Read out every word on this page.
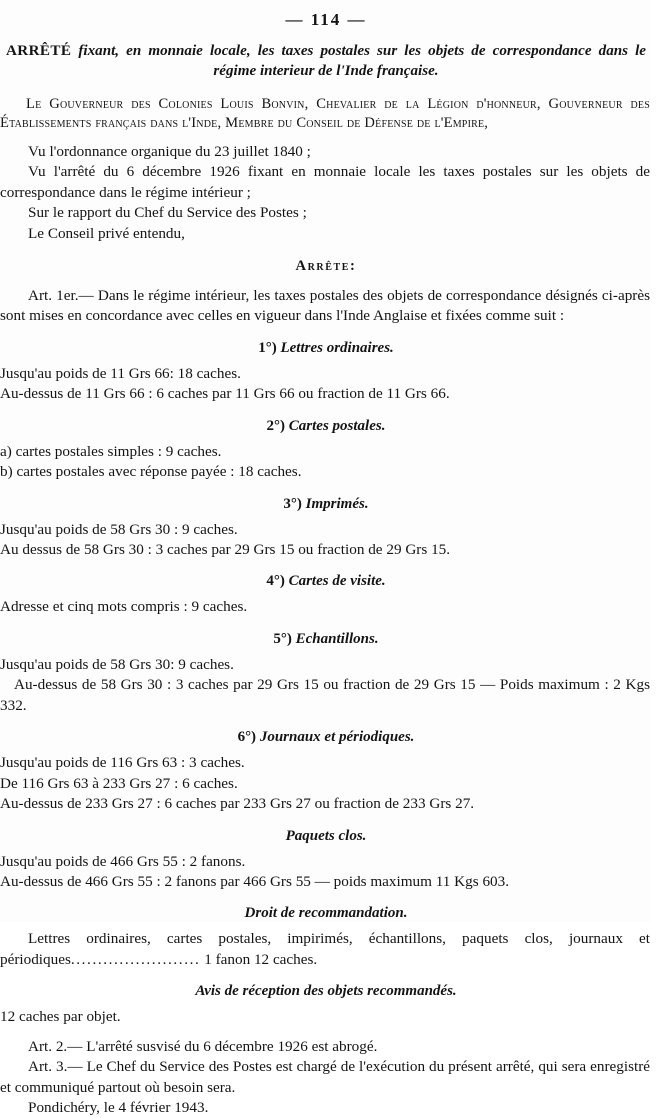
— 114 —
ARRÊTÉ fixant, en monnaie locale, les taxes postales sur les objets de correspondance dans le régime interieur de l'Inde française.
Le Gouverneur des Colonies Louis Bonvin, Chevalier de la Légion d'honneur, Gouverneur des Établissements français dans l'Inde, Membre du Conseil de Défense de l'Empire,

Vu l'ordonnance organique du 23 juillet 1840 ;

Vu l'arrêté du 6 décembre 1926 fixant en monnaie locale les taxes postales sur les objets de correspondance dans le régime intérieur ;

Sur le rapport du Chef du Service des Postes ;

Le Conseil privé entendu,

Arrête:

Art. 1er.— Dans le régime intérieur, les taxes postales des objets de correspondance désignés ci-après sont mises en concordance avec celles en vigueur dans l'Inde Anglaise et fixées comme suit :

1°) Lettres ordinaires.
Jusqu'au poids de 11 Grs 66: 18 caches.
Au-dessus de 11 Grs 66 : 6 caches par 11 Grs 66 ou fraction de 11 Grs 66.
2°) Cartes postales.
a) cartes postales simples : 9 caches.
b) cartes postales avec réponse payée : 18 caches.
3°) Imprimés.
Jusqu'au poids de 58 Grs 30 : 9 caches.
Au dessus de 58 Grs 30 : 3 caches par 29 Grs 15 ou fraction de 29 Grs 15.
4°) Cartes de visite.
Adresse et cinq mots compris : 9 caches.
5°) Echantillons.
Jusqu'au poids de 58 Grs 30: 9 caches.
Au-dessus de 58 Grs 30 : 3 caches par 29 Grs 15 ou fraction de 29 Grs 15 — Poids maximum : 2 Kgs 332.
6°) Journaux et périodiques.
Jusqu'au poids de 116 Grs 63 : 3 caches.
De 116 Grs 63 à 233 Grs 27 : 6 caches.
Au-dessus de 233 Grs 27 : 6 caches par 233 Grs 27 ou fraction de 233 Grs 27.
Paquets clos.
Jusqu'au poids de 466 Grs 55 : 2 fanons.
Au-dessus de 466 Grs 55 : 2 fanons par 466 Grs 55 — poids maximum 11 Kgs 603.
Droit de recommandation.

Lettres ordinaires, cartes postales, impirimés, échantillons, paquets clos, journaux et périodiques........................ 1 fanon 12 caches.

Avis de réception des objets recommandés.
12 caches par objet.

Art. 2.— L'arrêté susvisé du 6 décembre 1926 est abrogé.

Art. 3.— Le Chef du Service des Postes est chargé de l'exécution du présent arrêté, qui sera enregistré et communiqué partout où besoin sera.

Pondichéry, le 4 février 1943.
